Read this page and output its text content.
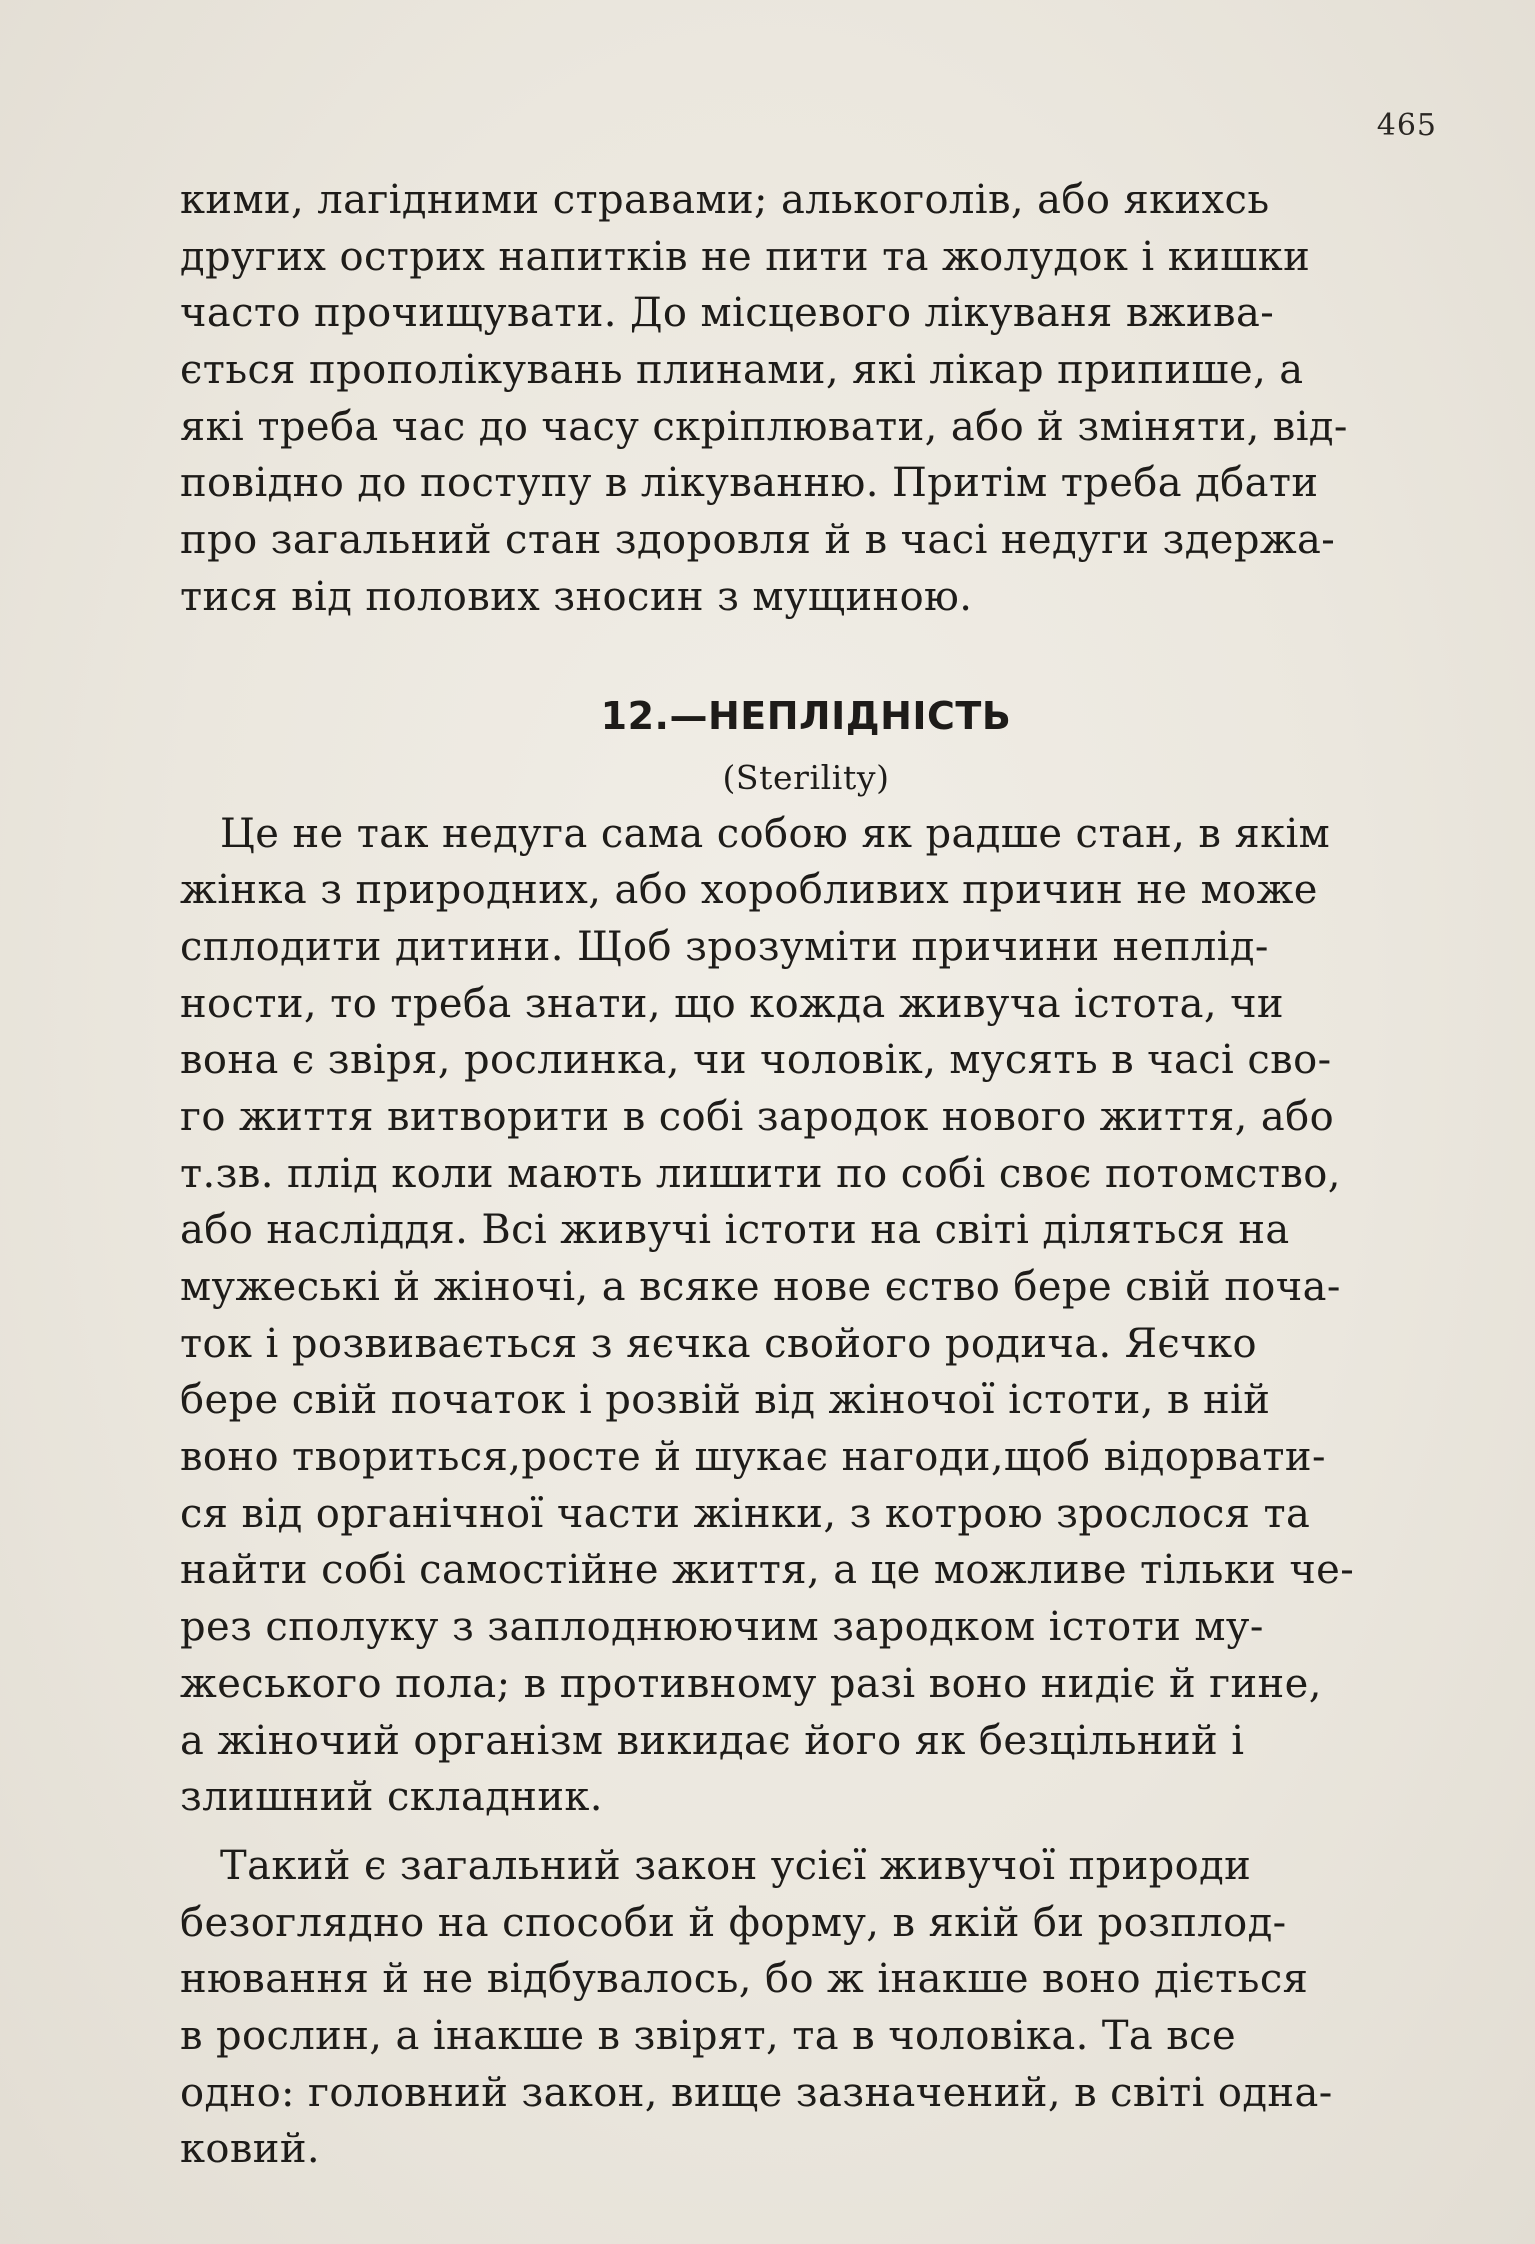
465
кими, лагідними стравами; алькоголів, або якихсь
других острих напитків не пити та жолудок і кишки
часто прочищувати. До місцевого лікуваня вжива-
ється прополікувань плинами, які лікар припише, а
які треба час до часу скріплювати, або й зміняти, від-
повідно до поступу в лікуванню. Притім треба дбати
про загальний стан здоровля й в часі недуги здержа-
тися від полових зносин з мущиною.
12.—НЕПЛІДНІСТЬ
(Sterility)
Це не так недуга сама собою як радше стан, в якім
жінка з природних, або хоробливих причин не може
сплодити дитини. Щоб зрозуміти причини неплід-
ности, то треба знати, що кожда живуча істота, чи
вона є звіря, рослинка, чи чоловік, мусять в часі сво-
го життя витворити в собі зародок нового життя, або
т.зв. плід коли мають лишити по собі своє потомство,
або насліддя. Всі живучі істоти на світі діляться на
мужеські й жіночі, а всяке нове єство бере свій поча-
ток і розвивається з яєчка свойого родича. Яєчко
бере свій початок і розвій від жіночої істоти, в ній
воно твориться,росте й шукає нагоди,щоб відорвати-
ся від органічної части жінки, з котрою зрослося та
найти собі самостійне життя, а це можливе тільки че-
рез сполуку з заплоднюючим зародком істоти му-
жеського пола; в противному разі воно нидіє й гине,
а жіночий організм викидає його як безцільний і
злишний складник.
Такий є загальний закон усієї живучої природи
безоглядно на способи й форму, в якій би розплод-
нювання й не відбувалось, бо ж інакше воно діється
в рослин, а інакше в звірят, та в чоловіка. Та все
одно: головний закон, вище зазначений, в світі одна-
ковий.
